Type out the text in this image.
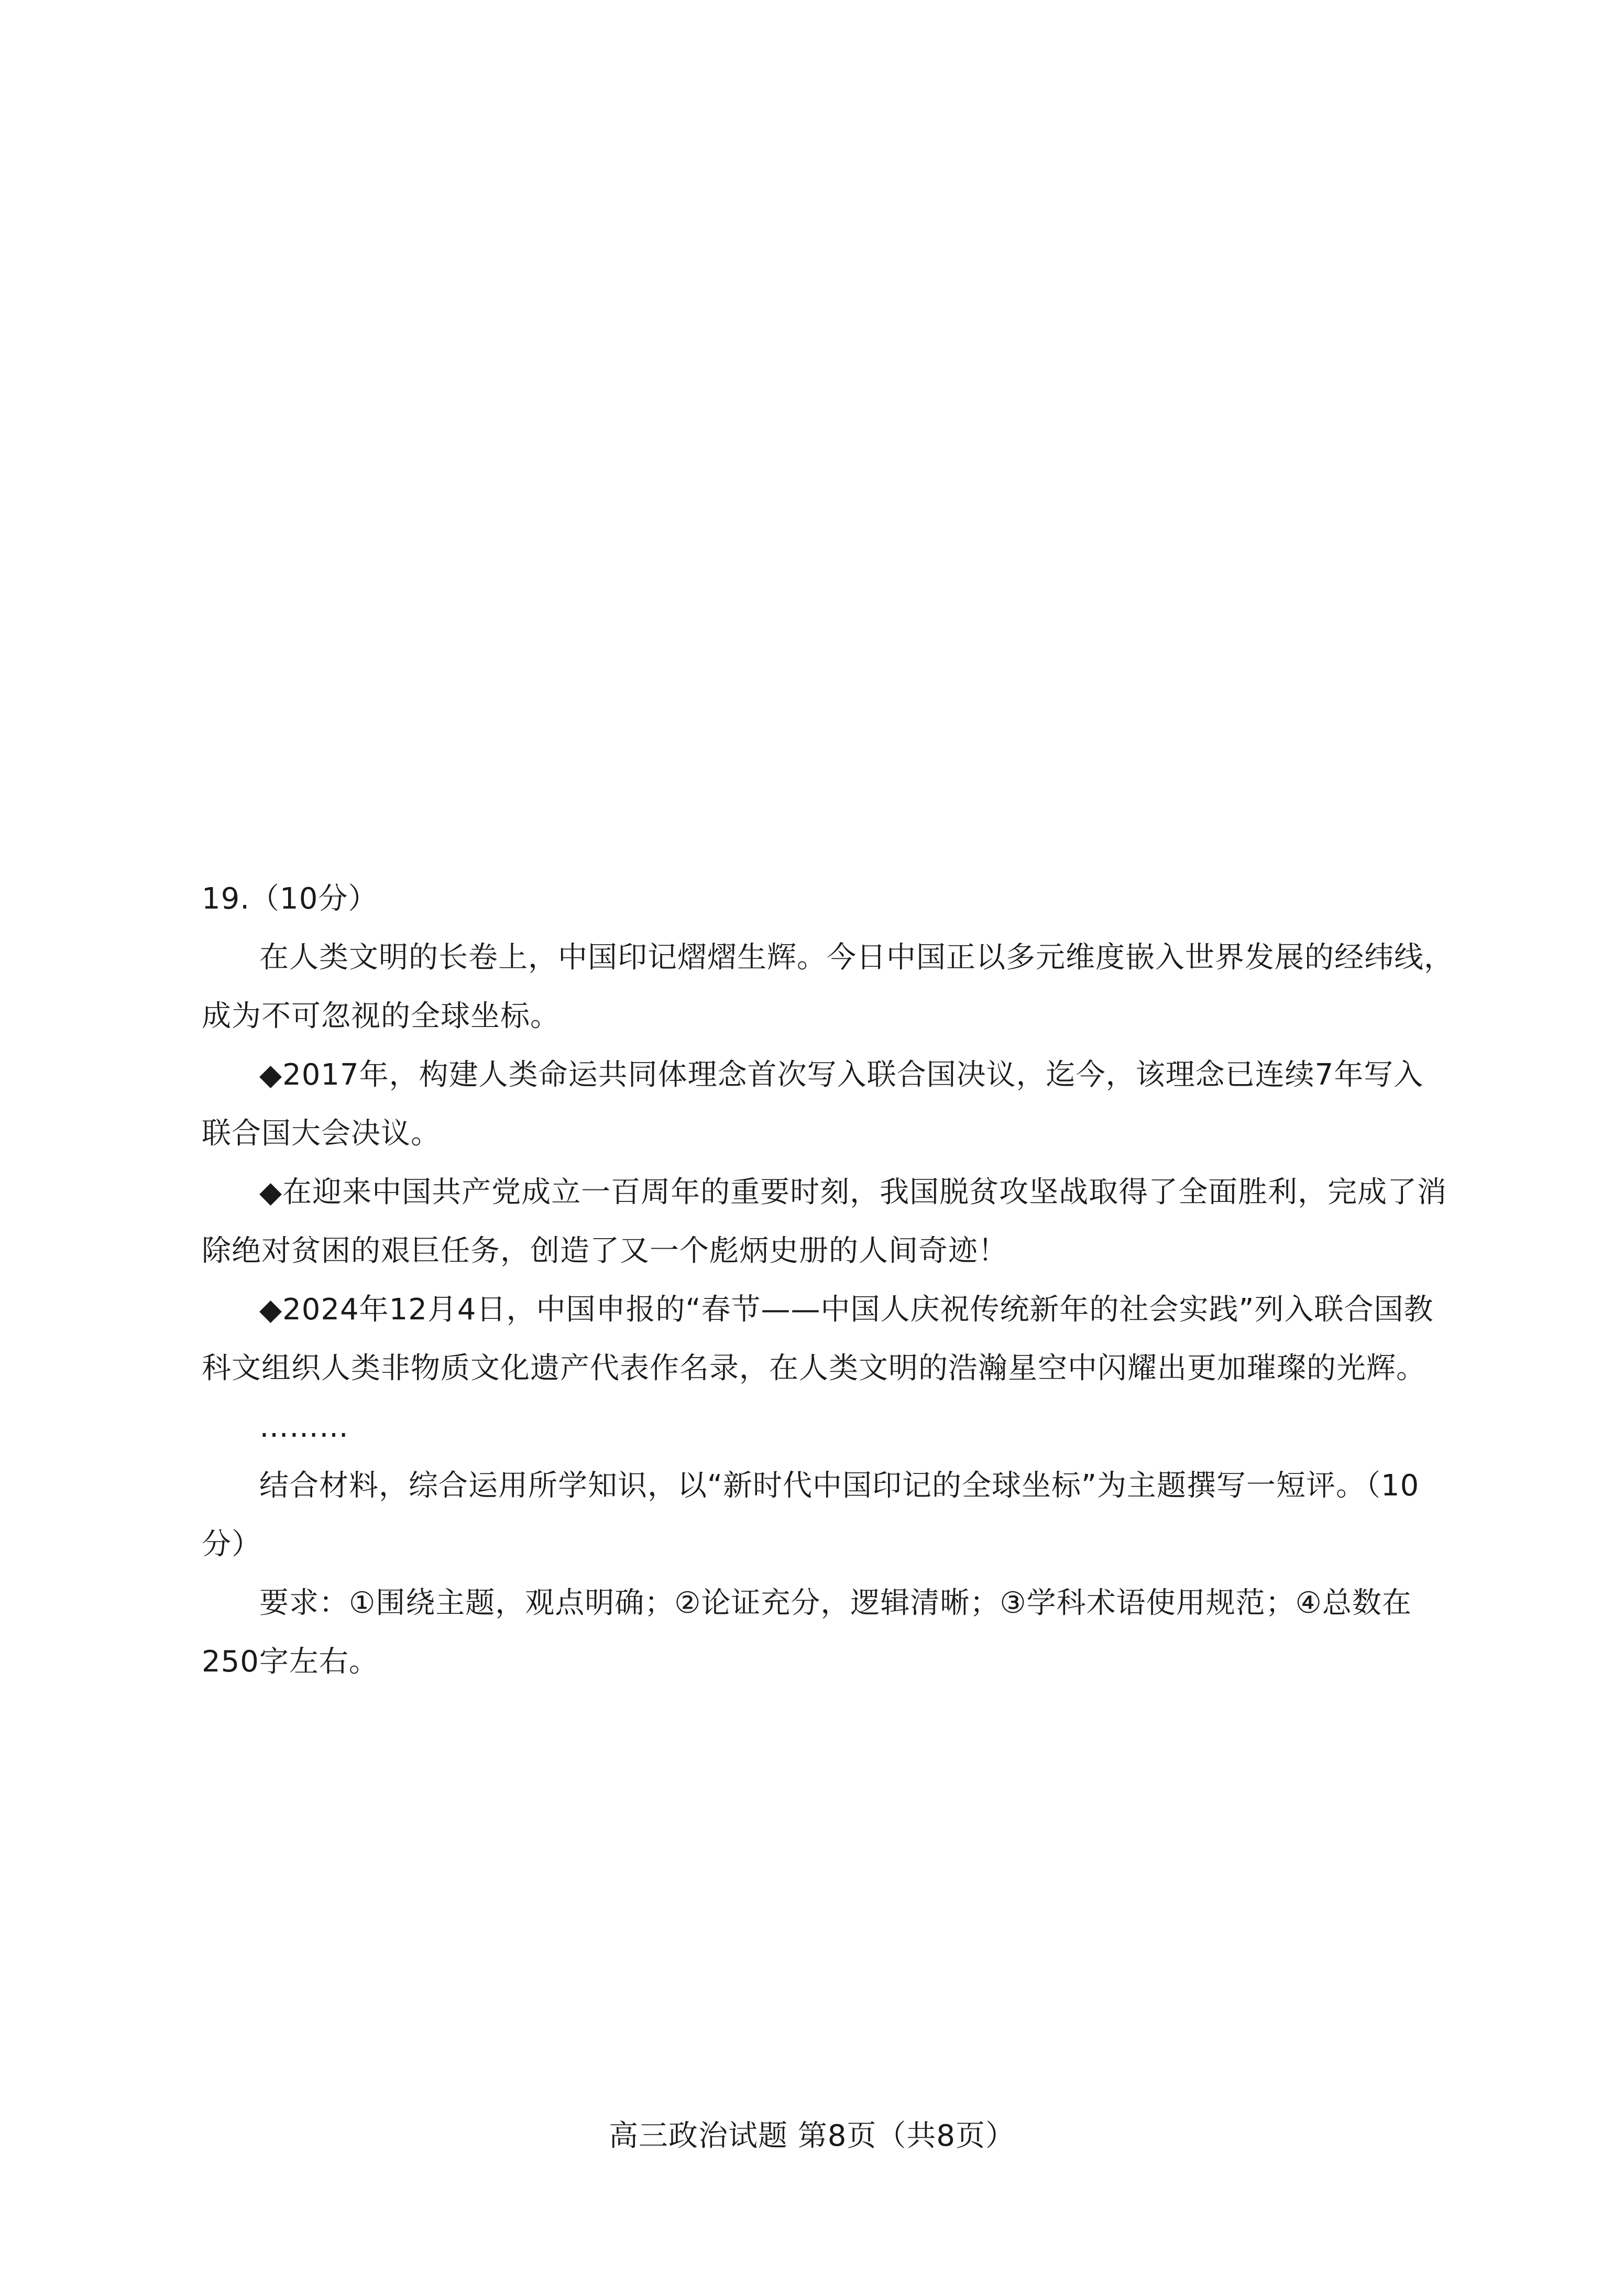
19.（10分）
在人类文明的长卷上，中国印记熠熠生辉。今日中国正以多元维度嵌入世界发展的经纬线，
成为不可忽视的全球坐标。
◆2017年，构建人类命运共同体理念首次写入联合国决议，迄今，该理念已连续7年写入
联合国大会决议。
◆在迎来中国共产党成立一百周年的重要时刻，我国脱贫攻坚战取得了全面胜利，完成了消
除绝对贫困的艰巨任务，创造了又一个彪炳史册的人间奇迹！
◆2024年12月4日，中国申报的“春节——中国人庆祝传统新年的社会实践”列入联合国教
科文组织人类非物质文化遗产代表作名录，在人类文明的浩瀚星空中闪耀出更加璀璨的光辉。
………
结合材料，综合运用所学知识，以“新时代中国印记的全球坐标”为主题撰写一短评。（10
分）
要求：①围绕主题，观点明确；②论证充分，逻辑清晰；③学科术语使用规范；④总数在
250字左右。
高三政治试题 第8页（共8页）
